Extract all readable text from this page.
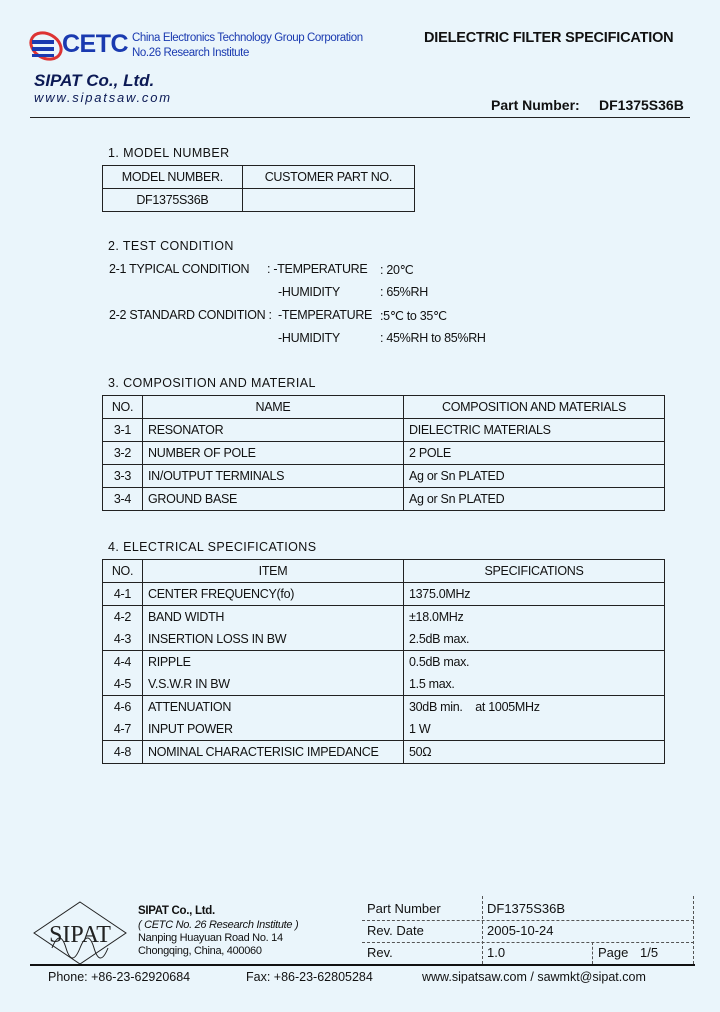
CETC China Electronics Technology Group Corporation
No.26 Research Institute
SIPAT Co., Ltd.
www.sipatsaw.com
DIELECTRIC FILTER SPECIFICATION
Part Number: DF1375S36B
1. MODEL NUMBER
MODEL NUMBER.	CUSTOMER PART NO.
DF1375S36B	
2. TEST CONDITION
2-1 TYPICAL CONDITION : -TEMPERATURE : 20℃
-HUMIDITY	: 65%RH
2-2 STANDARD CONDITION : -TEMPERATURE :5℃ to 35℃
-HUMIDITY	: 45%RH to 85%RH
3. COMPOSITION AND MATERIAL
NO.	NAME	COMPOSITION AND MATERIALS
3-1	RESONATOR	DIELECTRIC MATERIALS
3-2	NUMBER OF POLE	2 POLE
3-3	IN/OUTPUT TERMINALS	Ag or Sn PLATED
3-4	GROUND BASE	Ag or Sn PLATED
4. ELECTRICAL SPECIFICATIONS
NO.	ITEM	SPECIFICATIONS
4-1	CENTER FREQUENCY(fo)	1375.0MHz
4-2	BAND WIDTH	±18.0MHz
4-3	INSERTION LOSS IN BW	2.5dB max.
4-4	RIPPLE	0.5dB max.
4-5	V.S.W.R IN BW	1.5 max.
4-6	ATTENUATION	30dB min.    at 1005MHz
4-7	INPUT POWER	1 W
4-8	NOMINAL CHARACTERISIC IMPEDANCE	50Ω
SIPAT
SIPAT Co., Ltd.
( CETC No. 26 Research Institute )
Nanping Huayuan Road No. 14
Chongqing, China, 400060
Part Number	DF1375S36B
Rev. Date	2005-10-24
Rev.	1.0	Page 1/5
Phone: +86-23-62920684	Fax: +86-23-62805284	www.sipatsaw.com / sawmkt@sipat.com
